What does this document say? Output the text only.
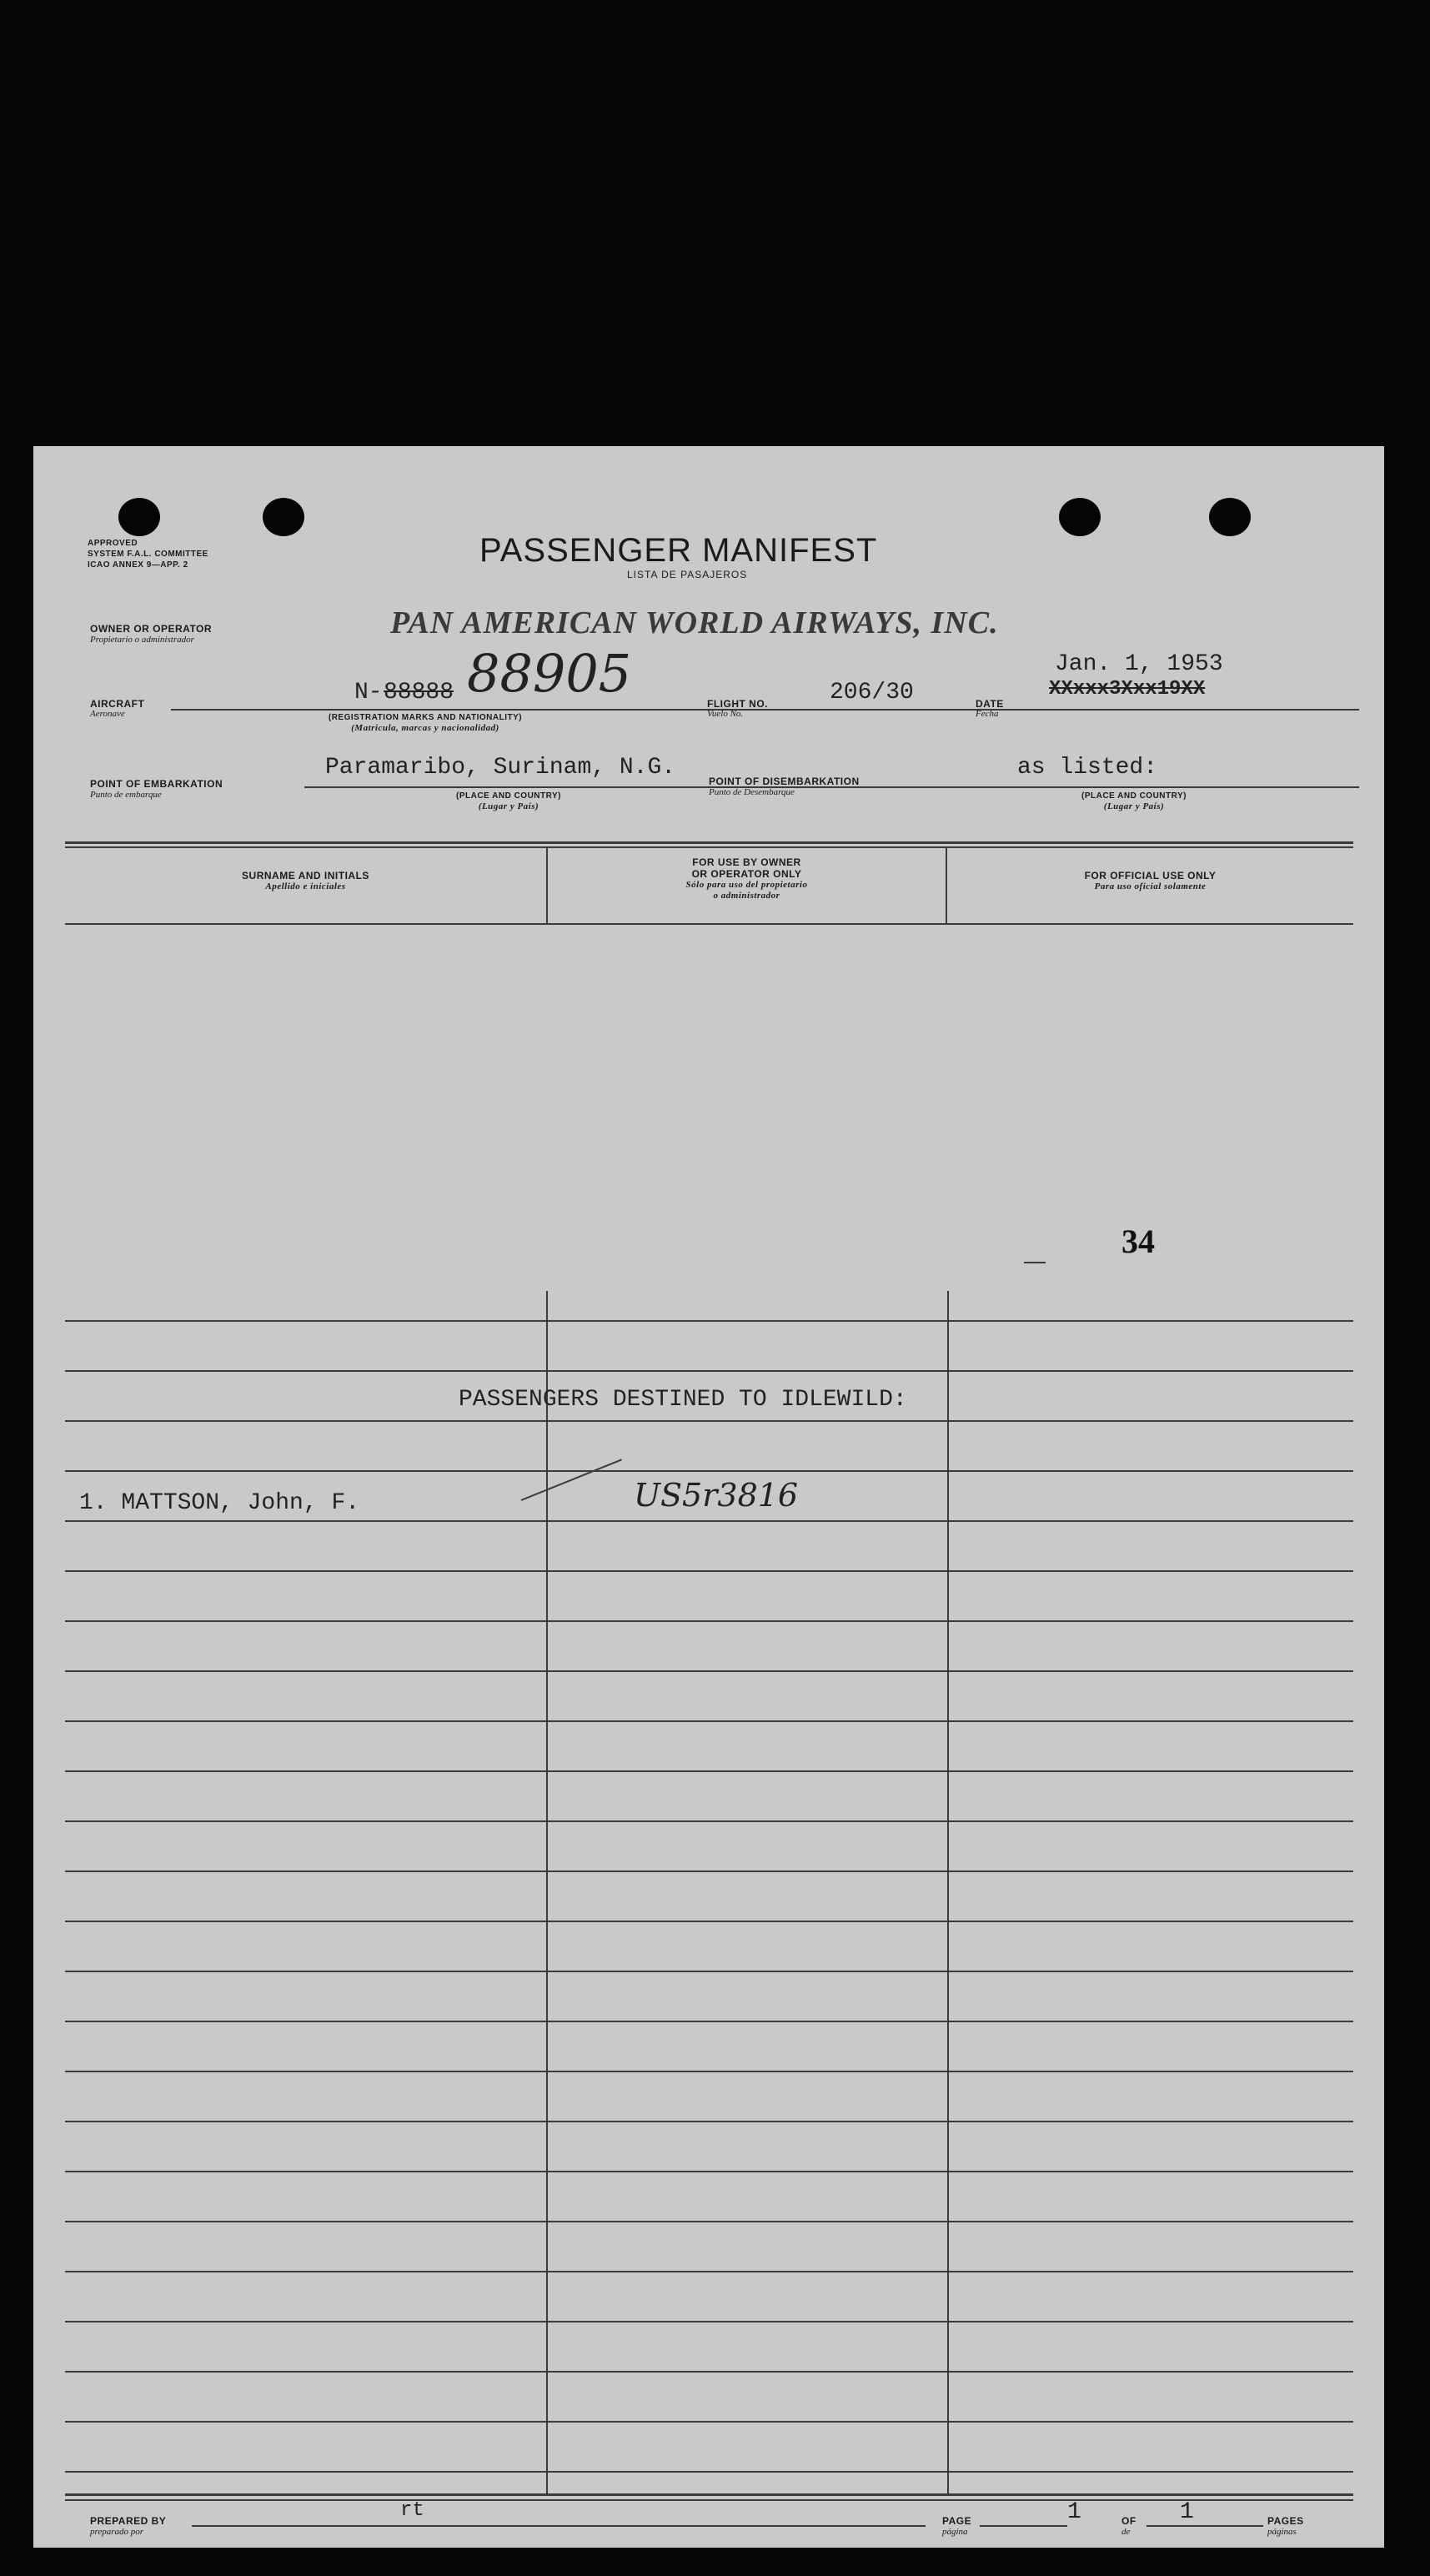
APPROVED
SYSTEM F.A.L. COMMITTEE
ICAO ANNEX 9—APP. 2	PASSENGER MANIFEST
LISTA DE PASAJEROS
OWNER OR OPERATOR
Propietario o administrador	PAN AMERICAN WORLD AIRWAYS, INC.
AIRCRAFT
Aeronave
N- 88888 88905
(REGISTRATION MARKS AND NATIONALITY)
(Matricula, marcas y nacionalidad)
FLIGHT NO.
Vuelo No.
206/30	DATE
Fecha
Jan. 1, 1953
XXxxx3Xxx19XX
Paramaribo, Surinam, N.G.
POINT OF EMBARKATION
Punto de embarque	(PLACE AND COUNTRY)
(Lugar y País)
POINT OF DISEMBARKATION
Punto de Desembarque
as listed:
(PLACE AND COUNTRY)
(Lugar y País)
SURNAME AND INITIALS
Apellido e iniciales
FOR USE BY OWNER
OR OPERATOR ONLY
Sólo para uso del propietario
o administrador
FOR OFFICIAL USE ONLY
Para uso oficial solamente
34
PASSENGERS DESTINED TO IDLEWILD:
1. MATTSON, John, F.	US5r3816
PREPARED BY
preparado por
rt	PAGE
página
1	OF
de
1	PAGES
páginas
